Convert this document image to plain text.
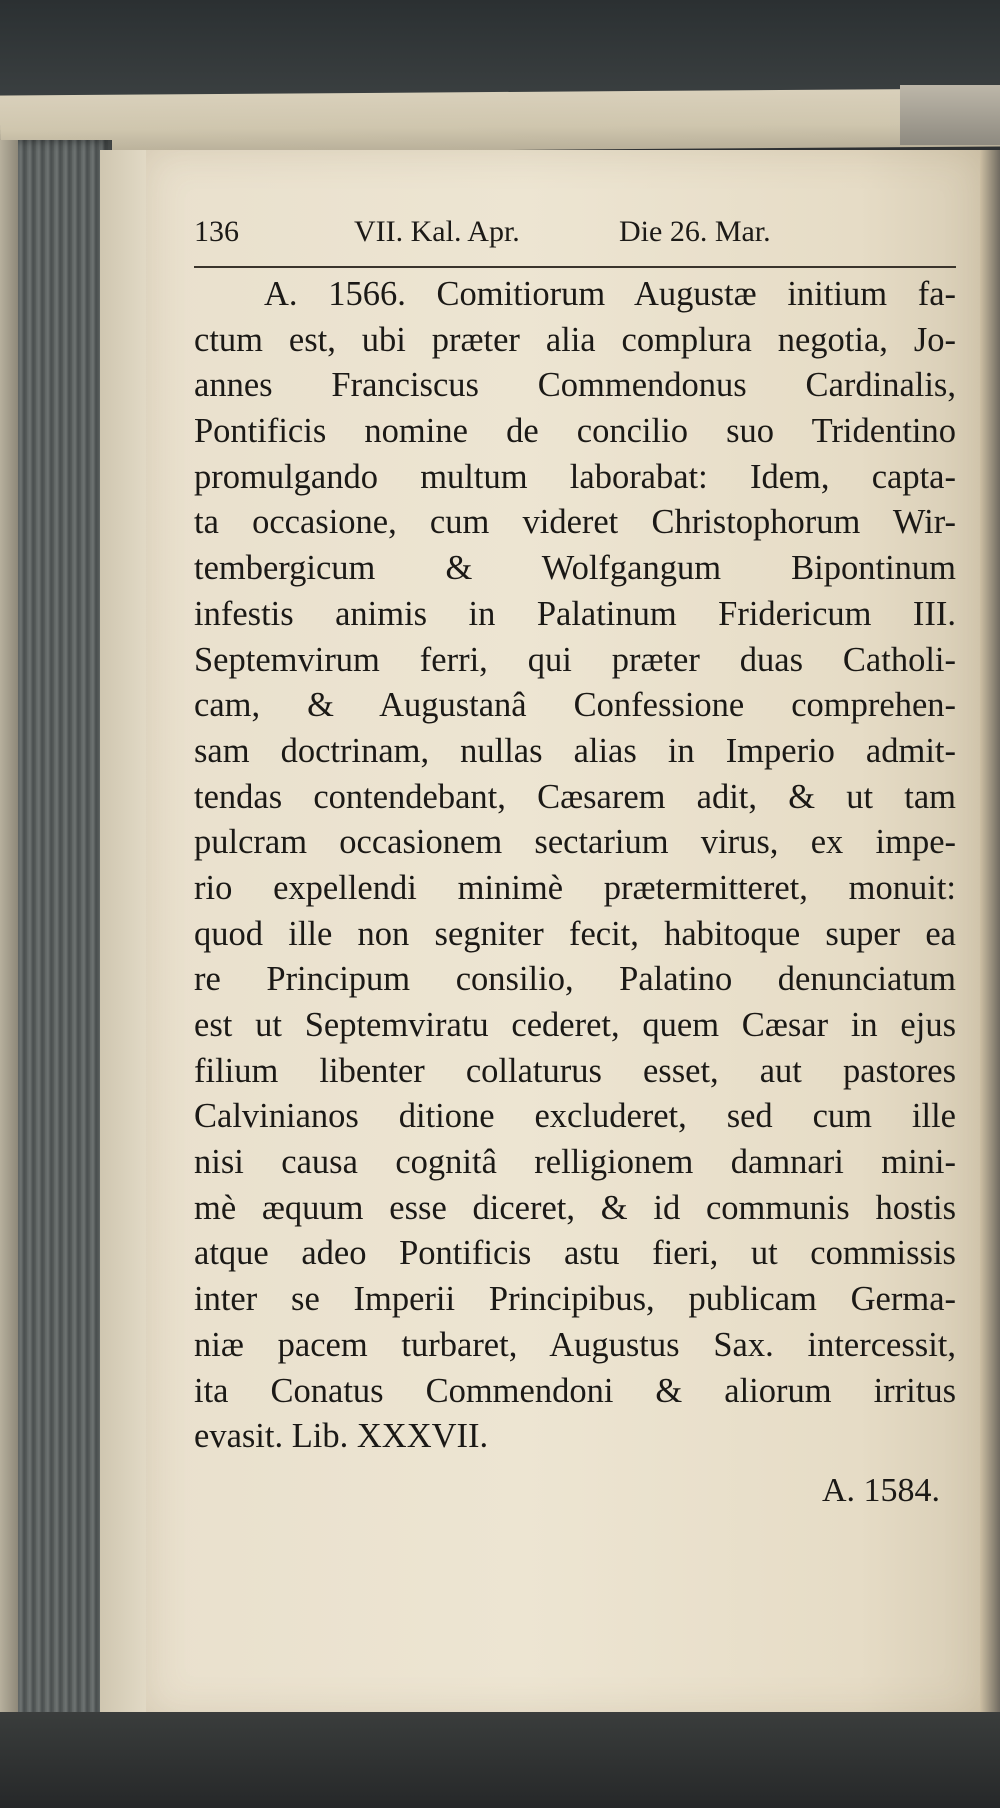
136	VII. Kal. Apr.	Die 26. Mar.
A. 1566. Comitiorum Augustæ initium fa-
ctum est, ubi præter alia complura negotia, Jo-
annes Franciscus Commendonus Cardinalis,
Pontificis nomine de concilio suo Tridentino
promulgando multum laborabat: Idem, capta-
ta occasione, cum videret Christophorum Wir-
tembergicum & Wolfgangum Bipontinum
infestis animis in Palatinum Fridericum III.
Septemvirum ferri, qui præter duas Catholi-
cam, & Augustanâ Confessione comprehen-
sam doctrinam, nullas alias in Imperio admit-
tendas contendebant, Cæsarem adit, & ut tam
pulcram occasionem sectarium virus, ex impe-
rio expellendi minimè prætermitteret, monuit:
quod ille non segniter fecit, habitoque super ea
re Principum consilio, Palatino denunciatum
est ut Septemviratu cederet, quem Cæsar in ejus
filium libenter collaturus esset, aut pastores
Calvinianos ditione excluderet, sed cum ille
nisi causa cognitâ relligionem damnari mini-
mè æquum esse diceret, & id communis hostis
atque adeo Pontificis astu fieri, ut commissis
inter se Imperii Principibus, publicam Germa-
niæ pacem turbaret, Augustus Sax. intercessit,
ita Conatus Commendoni & aliorum irritus
evasit. Lib. XXXVII.
A. 1584.
